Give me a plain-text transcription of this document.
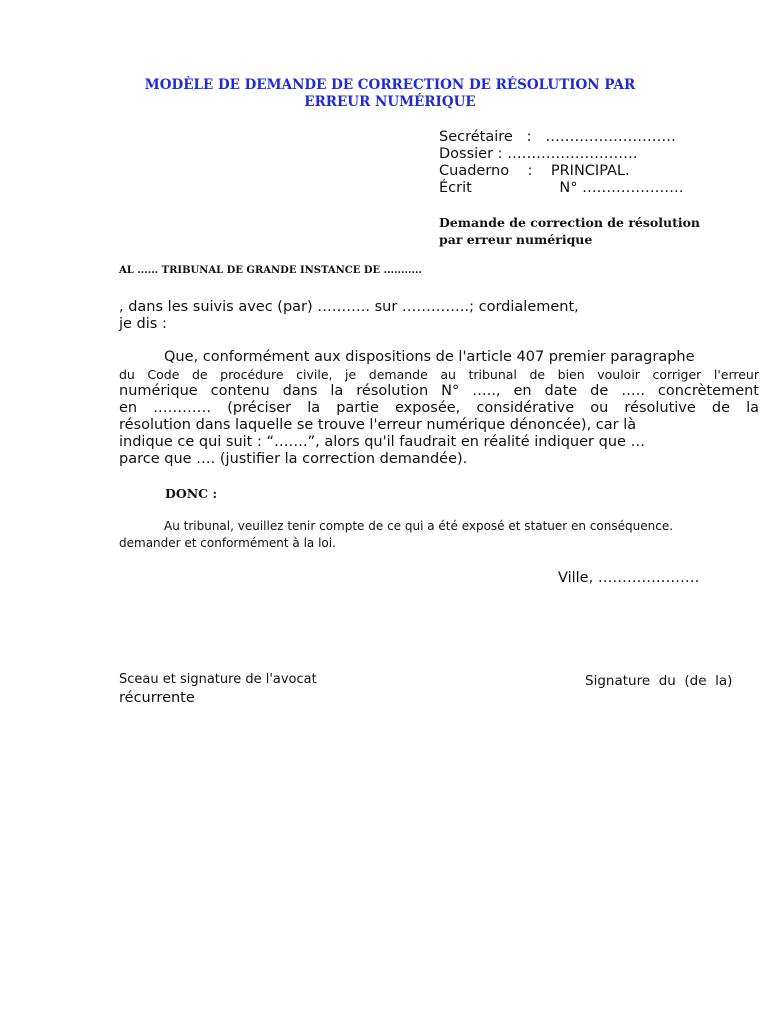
MODÈLE DE DEMANDE DE CORRECTION DE RÉSOLUTION PAR ERREUR NUMÉRIQUE
Secrétaire   :   ………………………
Dossier : ………………………
Cuaderno    :    PRINCIPAL.
Écrit                   N° …………………
Demande de correction de résolution
par erreur numérique
AL ...... TRIBUNAL DE GRANDE INSTANCE DE ...........
, dans les suivis avec (par) ……….. sur …………..; cordialement,
je dis :
Que, conformément aux dispositions de l'article 407 premier paragraphe
du Code de procédure civile, je demande au tribunal de bien vouloir corriger l'erreur
numérique contenu dans la résolution N° ….., en date de ….. concrètement
en ………… (préciser la partie exposée, considérative ou résolutive de la
résolution dans laquelle se trouve l'erreur numérique dénoncée), car là
indique ce qui suit : “…….”, alors qu'il faudrait en réalité indiquer que …
parce que …. (justifier la correction demandée).
DONC :
Au tribunal, veuillez tenir compte de ce qui a été exposé et statuer en conséquence.
demander et conformément à la loi.
Ville, …………………
Sceau et signature de l'avocat
récurrente
Signature  du  (de  la)
